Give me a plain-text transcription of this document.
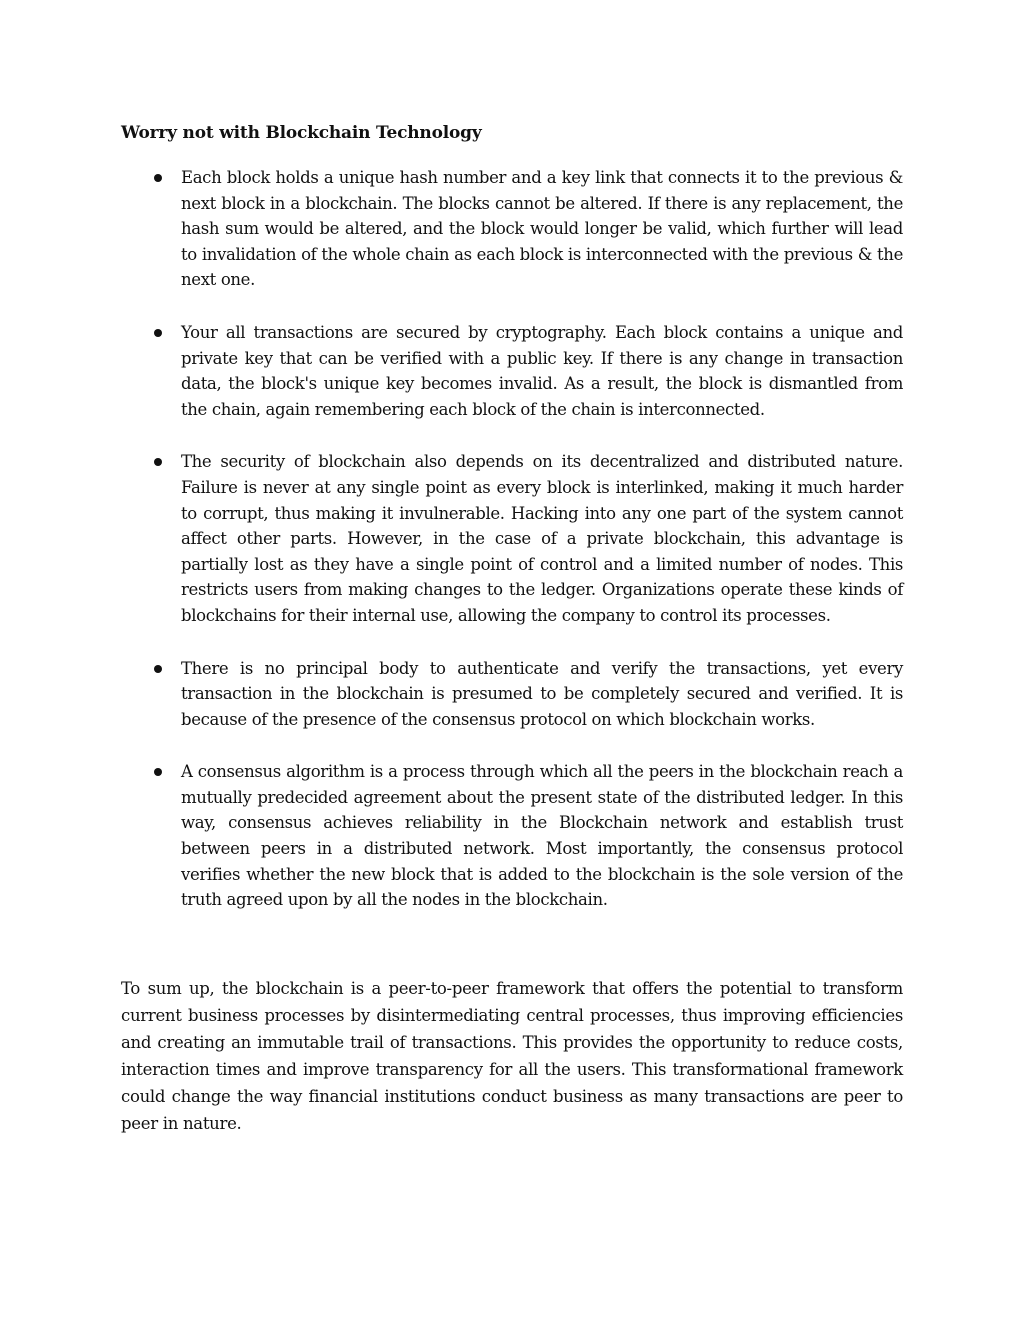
Worry not with Blockchain Technology
Each block holds a unique hash number and a key link that connects it to the previous & next block in a blockchain. The blocks cannot be altered. If there is any replacement, the hash sum would be altered, and the block would longer be valid, which further will lead to invalidation of the whole chain as each block is interconnected with the previous & the next one.
Your all transactions are secured by cryptography. Each block contains a unique and private key that can be verified with a public key. If there is any change in transaction data, the block's unique key becomes invalid. As a result, the block is dismantled from the chain, again remembering each block of the chain is interconnected.
The security of blockchain also depends on its decentralized and distributed nature. Failure is never at any single point as every block is interlinked, making it much harder to corrupt, thus making it invulnerable. Hacking into any one part of the system cannot affect other parts. However, in the case of a private blockchain, this advantage is partially lost as they have a single point of control and a limited number of nodes. This restricts users from making changes to the ledger. Organizations operate these kinds of blockchains for their internal use, allowing the company to control its processes.
There is no principal body to authenticate and verify the transactions, yet every transaction in the blockchain is presumed to be completely secured and verified. It is because of the presence of the consensus protocol on which blockchain works.
A consensus algorithm is a process through which all the peers in the blockchain reach a mutually predecided agreement about the present state of the distributed ledger. In this way, consensus achieves reliability in the Blockchain network and establish trust between peers in a distributed network. Most importantly, the consensus protocol verifies whether the new block that is added to the blockchain is the sole version of the truth agreed upon by all the nodes in the blockchain.

To sum up, the blockchain is a peer-to-peer framework that offers the potential to transform current business processes by disintermediating central processes, thus improving efficiencies and creating an immutable trail of transactions. This provides the opportunity to reduce costs, interaction times and improve transparency for all the users. This transformational framework could change the way financial institutions conduct business as many transactions are peer to peer in nature.
